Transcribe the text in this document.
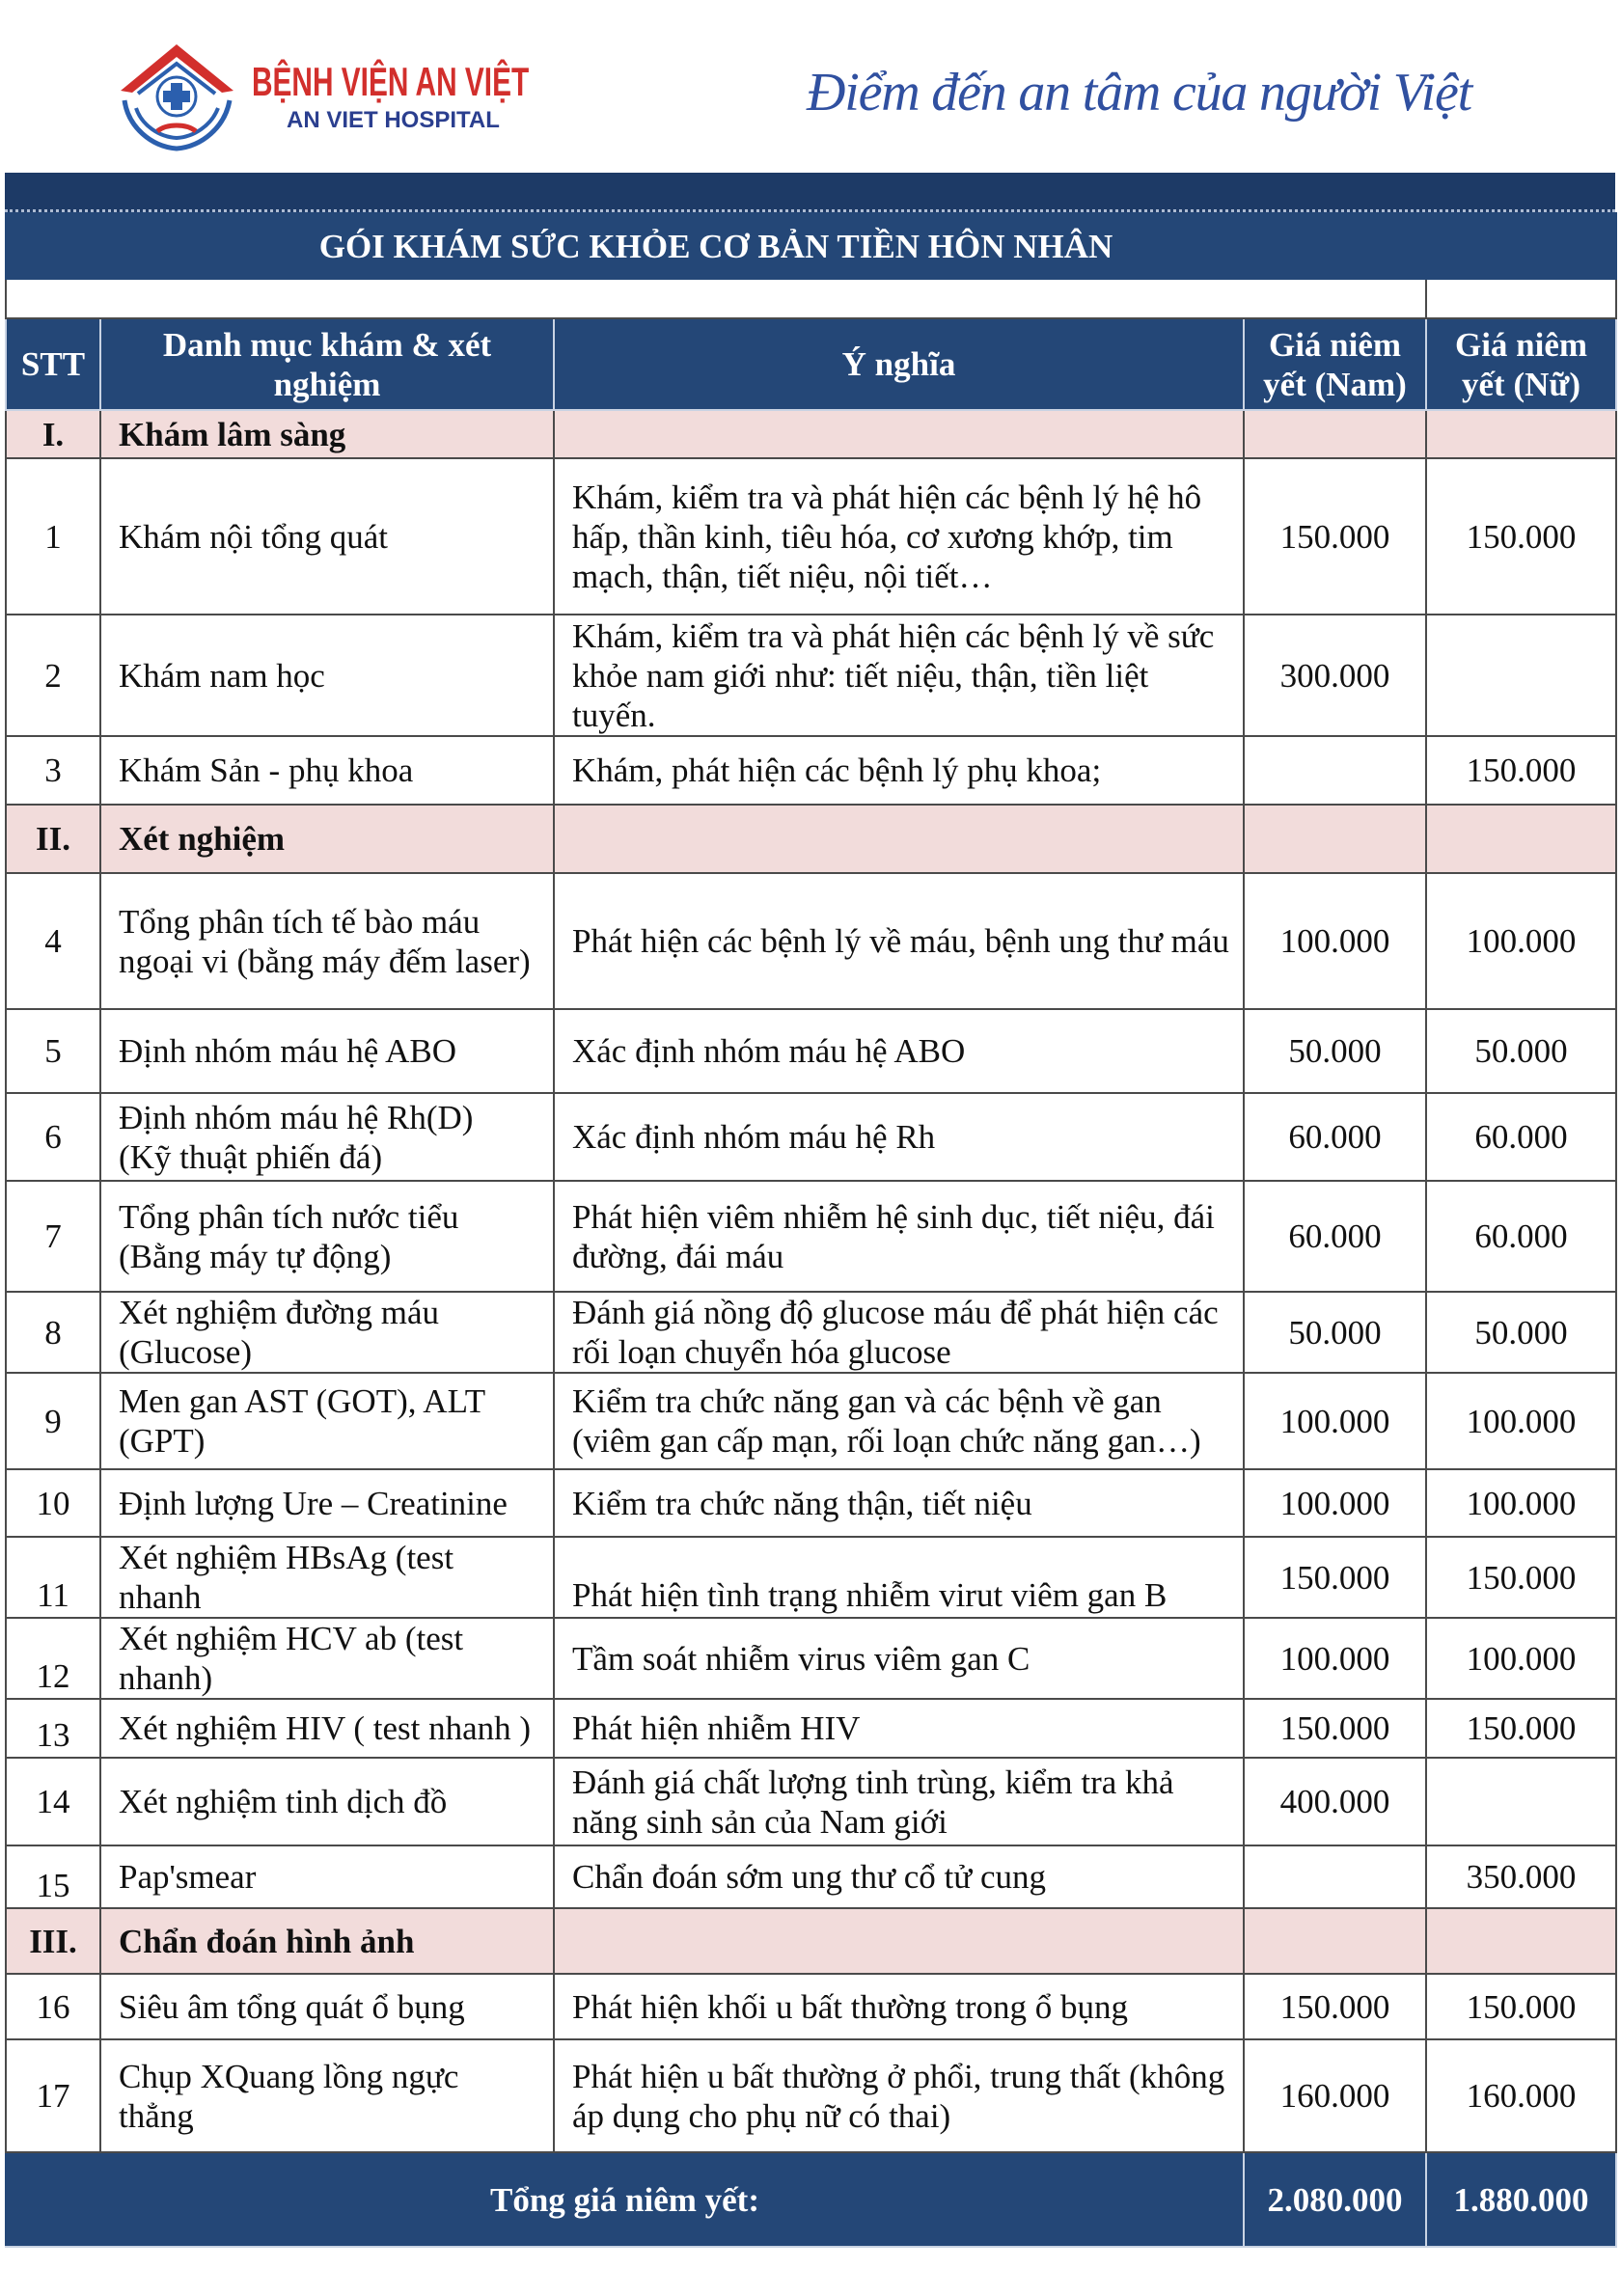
BỆNH VIỆN AN VIỆT
AN VIET HOSPITAL	Điểm đến an tâm của người Việt
GÓI KHÁM SỨC KHỎE CƠ BẢN TIỀN HÔN NHÂN				

STT	Danh mục khám & xét nghiệm	Ý nghĩa	Giá niêm yết (Nam)	Giá niêm yết (Nữ)
I.	Khám lâm sàng			
1	Khám nội tổng quát	Khám, kiểm tra và phát hiện các bệnh lý hệ hô hấp, thần kinh, tiêu hóa, cơ xương khớp, tim mạch, thận, tiết niệu, nội tiết…	150.000	150.000
2	Khám nam học	Khám, kiểm tra và phát hiện các bệnh lý về sức khỏe nam giới như: tiết niệu, thận, tiền liệt tuyến.	300.000	
3	Khám Sản - phụ khoa	Khám, phát hiện các bệnh lý phụ khoa;		150.000
II.	Xét nghiệm			
4	Tổng phân tích tế bào máu ngoại vi (bằng máy đếm laser)	Phát hiện các bệnh lý về máu, bệnh ung thư máu	100.000	100.000
5	Định nhóm máu hệ ABO	Xác định nhóm máu hệ ABO	50.000	50.000
6	Định nhóm máu hệ Rh(D) (Kỹ thuật phiến đá)	Xác định nhóm máu hệ Rh	60.000	60.000
7	Tổng phân tích nước tiểu (Bằng máy tự động)	Phát hiện viêm nhiễm hệ sinh dục, tiết niệu, đái đường, đái máu	60.000	60.000
8	Xét nghiệm đường máu (Glucose)	Đánh giá nồng độ glucose máu để phát hiện các rối loạn chuyển hóa glucose	50.000	50.000
9	Men gan AST (GOT), ALT (GPT)	Kiểm tra chức năng gan và các bệnh về gan (viêm gan cấp mạn, rối loạn chức năng gan…)	100.000	100.000
10	Định lượng Ure – Creatinine	Kiểm tra chức năng thận, tiết niệu	100.000	100.000
11	Xét nghiệm HBsAg (test nhanh	Phát hiện tình trạng nhiễm virut viêm gan B	150.000	150.000
12	Xét nghiệm HCV ab (test nhanh)	Tầm soát nhiễm virus viêm gan C	100.000	100.000
13	Xét nghiệm HIV ( test nhanh )	Phát hiện nhiễm HIV	150.000	150.000
14	Xét nghiệm tinh dịch đồ	Đánh giá chất lượng tinh trùng, kiểm tra khả năng sinh sản của Nam giới	400.000	
15	Pap'smear	Chẩn đoán sớm ung thư cổ tử cung		350.000
III.	Chẩn đoán hình ảnh			
16	Siêu âm tổng quát ổ bụng	Phát hiện khối u bất thường trong ổ bụng	150.000	150.000
17	Chụp XQuang lồng ngực thẳng	Phát hiện u bất thường ở phổi, trung thất (không áp dụng cho phụ nữ có thai)	160.000	160.000
Tổng giá niêm yết:			2.080.000	1.880.000
